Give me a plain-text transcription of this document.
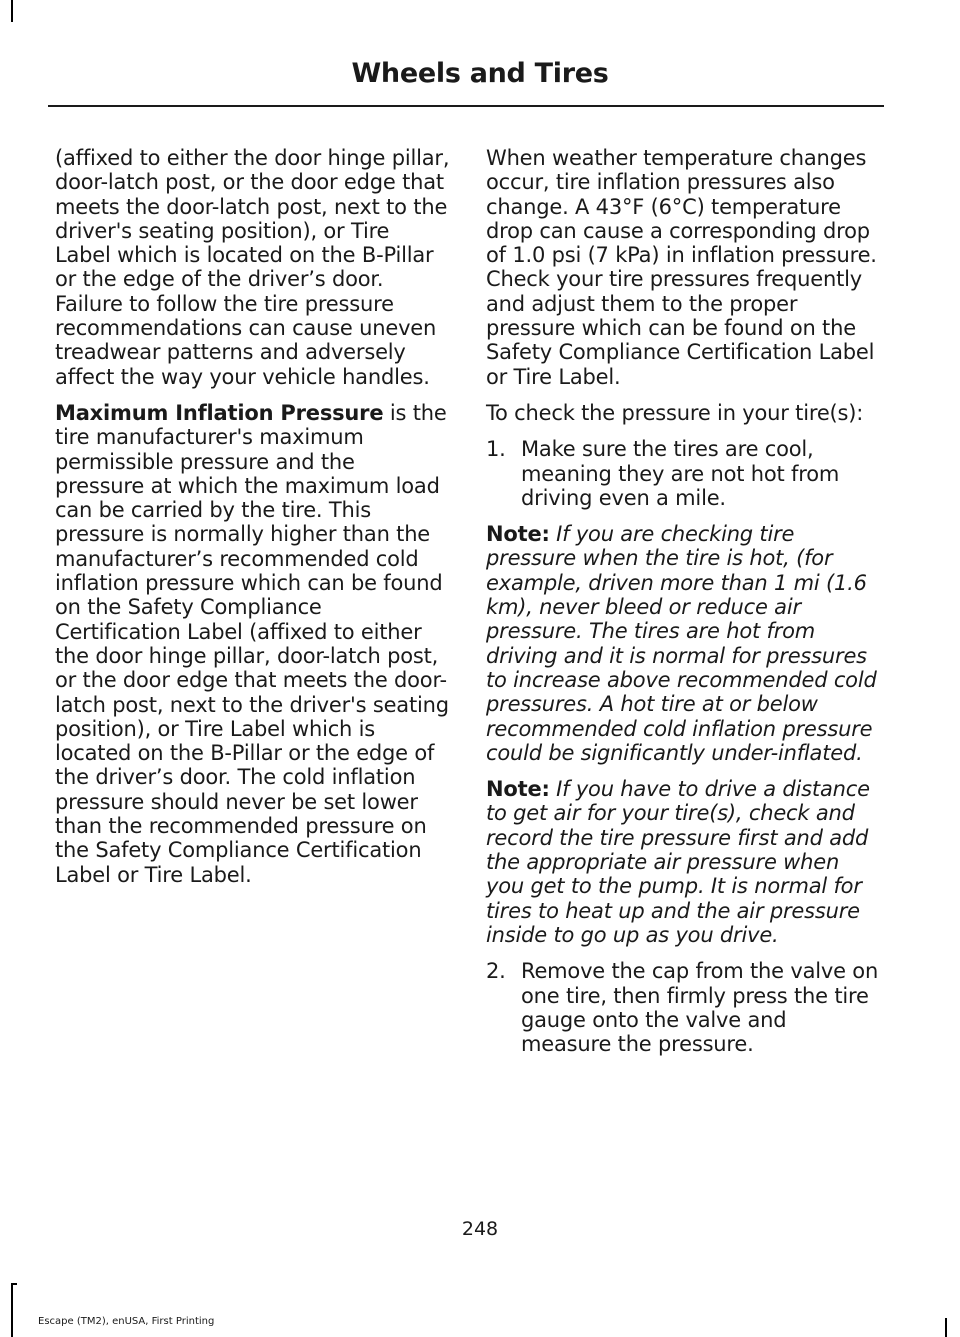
Wheels and Tires

(affixed to either the door hinge pillar, door-latch post, or the door edge that meets the door-latch post, next to the driver's seating position), or Tire Label which is located on the B-Pillar or the edge of the driver’s door. Failure to follow the tire pressure recommendations can cause uneven treadwear patterns and adversely affect the way your vehicle handles.

Maximum Inflation Pressure is the tire manufacturer's maximum permissible pressure and the pressure at which the maximum load can be carried by the tire. This pressure is normally higher than the manufacturer’s recommended cold inflation pressure which can be found on the Safety Compliance Certification Label (affixed to either the door hinge pillar, door-latch post, or the door edge that meets the door-latch post, next to the driver's seating position), or Tire Label which is located on the B-Pillar or the edge of the driver’s door. The cold inflation pressure should never be set lower than the recommended pressure on the Safety Compliance Certification Label or Tire Label.

When weather temperature changes occur, tire inflation pressures also change. A 43°F (6°C) temperature drop can cause a corresponding drop of 1.0 psi (7 kPa) in inflation pressure. Check your tire pressures frequently and adjust them to the proper pressure which can be found on the Safety Compliance Certification Label or Tire Label.

To check the pressure in your tire(s):

1. Make sure the tires are cool, meaning they are not hot from driving even a mile.

Note: If you are checking tire pressure when the tire is hot, (for example, driven more than 1 mi (1.6 km), never bleed or reduce air pressure. The tires are hot from driving and it is normal for pressures to increase above recommended cold pressures. A hot tire at or below recommended cold inflation pressure could be significantly under-inflated.

Note: If you have to drive a distance to get air for your tire(s), check and record the tire pressure first and add the appropriate air pressure when you get to the pump. It is normal for tires to heat up and the air pressure inside to go up as you drive.

2. Remove the cap from the valve on one tire, then firmly press the tire gauge onto the valve and measure the pressure.
248
Escape (TM2), enUSA, First Printing
